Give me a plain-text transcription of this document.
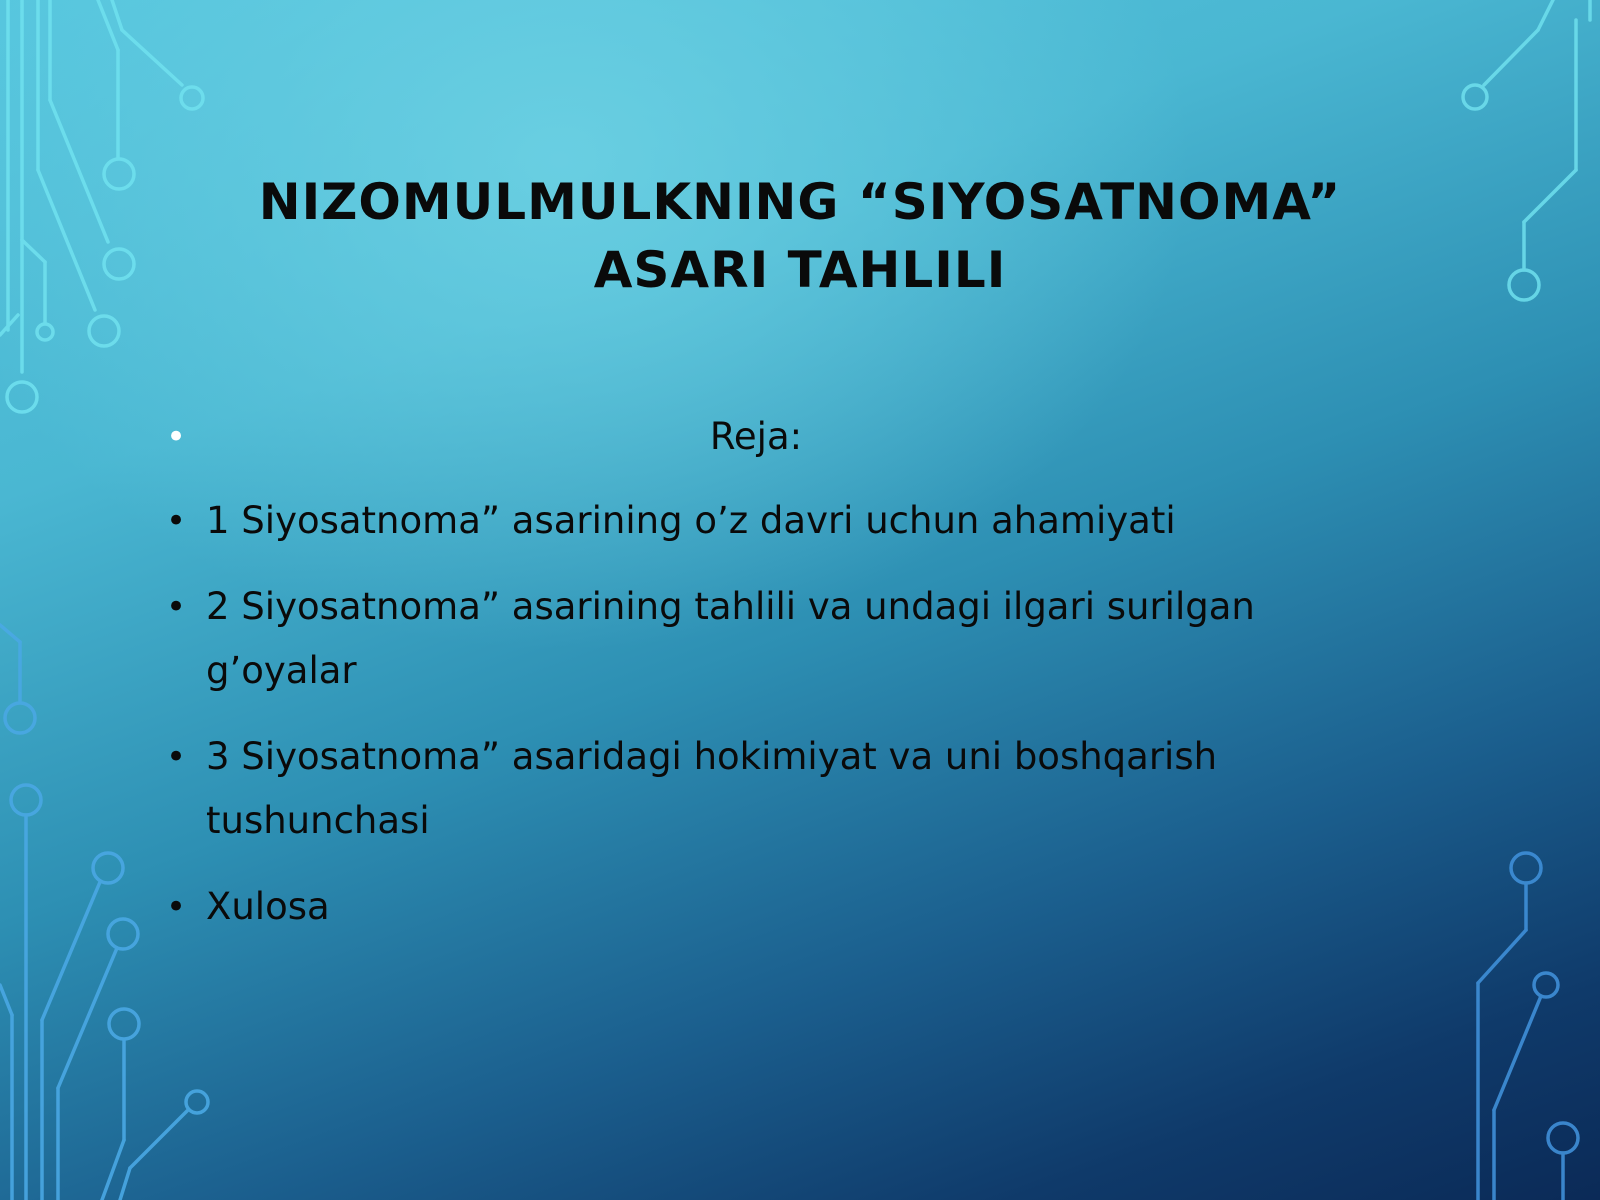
NIZOMULMULKNING “SIYOSATNOMA” ASARI TAHLILI
•	Reja:
• 1 Siyosatnoma” asarining o’z davri uchun ahamiyati
• 2 Siyosatnoma” asarining tahlili va undagi ilgari surilgan g’oyalar
• 3 Siyosatnoma” asaridagi hokimiyat va uni boshqarish tushunchasi
• Xulosa
